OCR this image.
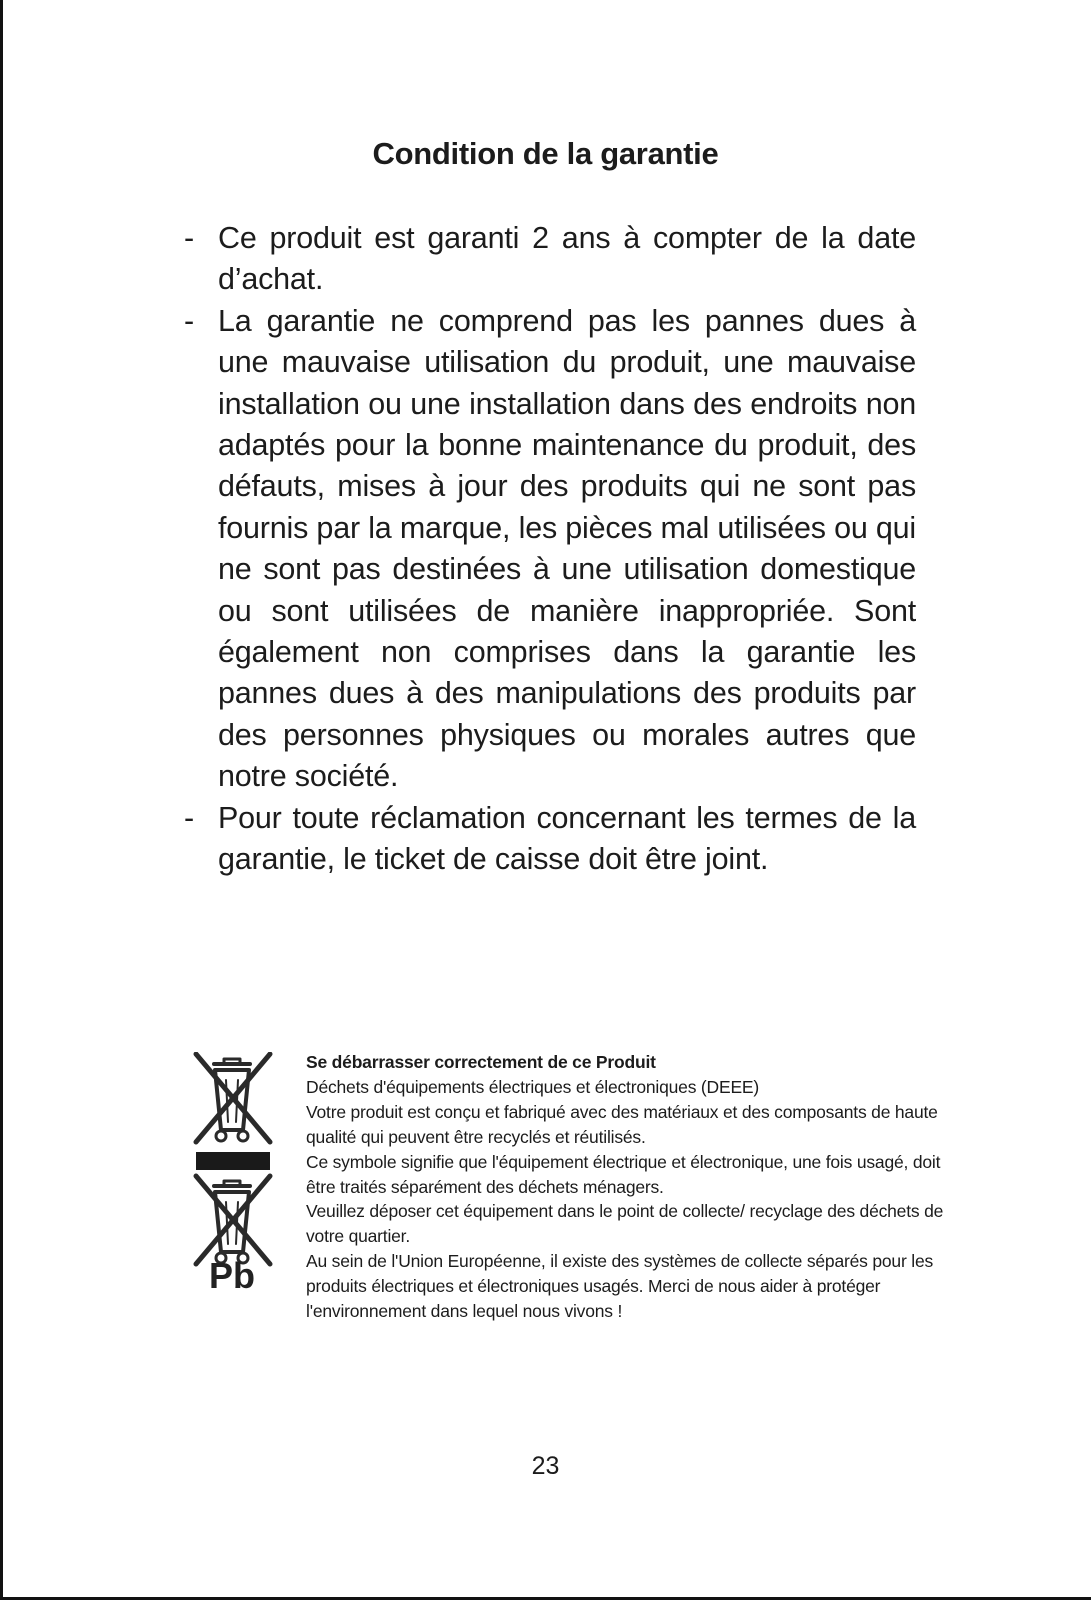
Condition de la garantie
- Ce produit est garanti 2 ans à compter de la date d’achat.
- La garantie ne comprend pas les pannes dues à une mauvaise utilisation du produit, une mauvaise installation ou une installation dans des endroits non adaptés pour la bonne maintenance du produit, des défauts, mises à jour des produits qui ne sont pas fournis par la marque, les pièces mal utilisées ou qui ne sont pas destinées à une utilisation domestique ou sont utilisées de manière inappropriée. Sont également non comprises dans la garantie les pannes dues à des manipulations des produits par des personnes physiques ou morales autres que notre société.
- Pour toute réclamation concernant les termes de la garantie, le ticket de caisse doit être joint.
Pb
Se débarrasser correctement de ce Produit

Déchets d'équipements électriques et électroniques (DEEE)

Votre produit est conçu et fabriqué avec des matériaux et des composants de haute qualité qui peuvent être recyclés et réutilisés.

Ce symbole signifie que l'équipement électrique et électronique, une fois usagé, doit être traités séparément des déchets ménagers.

Veuillez déposer cet équipement dans le point de collecte/ recyclage des déchets de votre quartier.

Au sein de l'Union Européenne, il existe des systèmes de collecte séparés pour les produits électriques et électroniques usagés. Merci de nous aider à protéger l'environnement dans lequel nous vivons !

23
